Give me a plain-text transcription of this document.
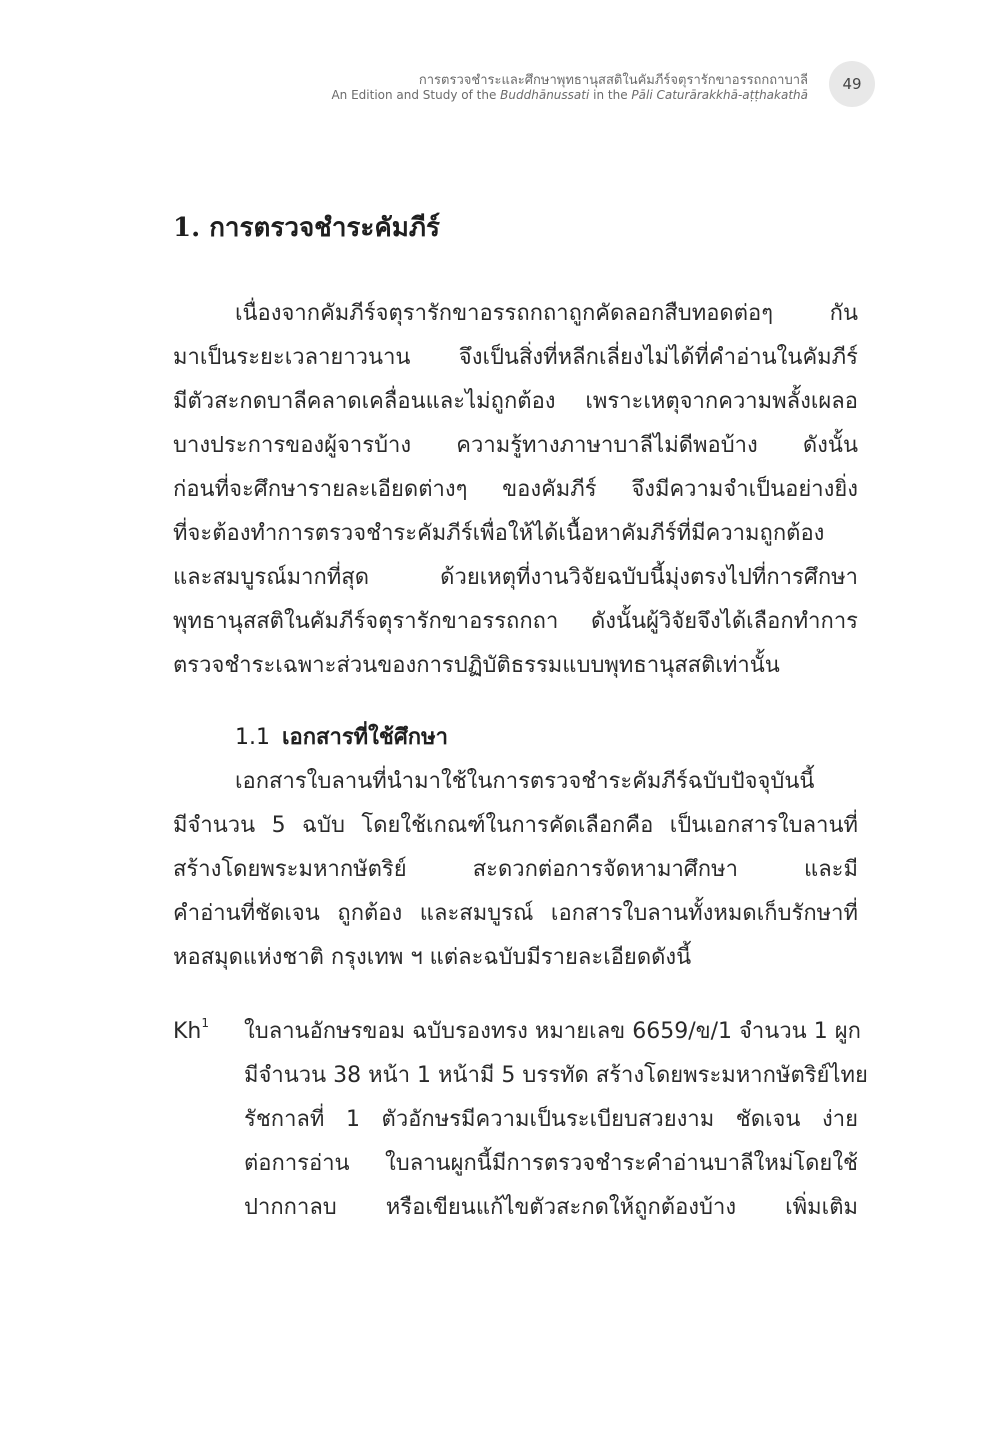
การตรวจชำระและศึกษาพุทธานุสสติในคัมภีร์จตุรารักขาอรรถกถาบาลี
An Edition and Study of the Buddhānussati in the Pāli Caturārakkhā-aṭṭhakathā
49
1. การตรวจชำระคัมภีร์
เนื่องจากคัมภีร์จตุรารักขาอรรถกถาถูกคัดลอกสืบทอดต่อๆ กัน
มาเป็นระยะเวลายาวนาน จึงเป็นสิ่งที่หลีกเลี่ยงไม่ได้ที่คำอ่านในคัมภีร์
มีตัวสะกดบาลีคลาดเคลื่อนและไม่ถูกต้อง เพราะเหตุจากความพลั้งเผลอ
บางประการของผู้จารบ้าง ความรู้ทางภาษาบาลีไม่ดีพอบ้าง ดังนั้น
ก่อนที่จะศึกษารายละเอียดต่างๆ ของคัมภีร์ จึงมีความจำเป็นอย่างยิ่ง
ที่จะต้องทำการตรวจชำระคัมภีร์เพื่อให้ได้เนื้อหาคัมภีร์ที่มีความถูกต้อง
และสมบูรณ์มากที่สุด ด้วยเหตุที่งานวิจัยฉบับนี้มุ่งตรงไปที่การศึกษา
พุทธานุสสติในคัมภีร์จตุรารักขาอรรถกถา ดังนั้นผู้วิจัยจึงได้เลือกทำการ
ตรวจชำระเฉพาะส่วนของการปฏิบัติธรรมแบบพุทธานุสสติเท่านั้น
1.1 เอกสารที่ใช้ศึกษา
เอกสารใบลานที่นำมาใช้ในการตรวจชำระคัมภีร์ฉบับปัจจุบันนี้
มีจำนวน 5 ฉบับ โดยใช้เกณฑ์ในการคัดเลือกคือ เป็นเอกสารใบลานที่
สร้างโดยพระมหากษัตริย์ สะดวกต่อการจัดหามาศึกษา และมี
คำอ่านที่ชัดเจน ถูกต้อง และสมบูรณ์ เอกสารใบลานทั้งหมดเก็บรักษาที่
หอสมุดแห่งชาติ กรุงเทพ ฯ แต่ละฉบับมีรายละเอียดดังนี้
Kh$^1$ ใบลานอักษรขอม ฉบับรองทรง หมายเลข 6659/ข/1 จำนวน 1 ผูก
มีจำนวน 38 หน้า 1 หน้ามี 5 บรรทัด สร้างโดยพระมหากษัตริย์ไทย
รัชกาลที่ 1 ตัวอักษรมีความเป็นระเบียบสวยงาม ชัดเจน ง่าย
ต่อการอ่าน ใบลานผูกนี้มีการตรวจชำระคำอ่านบาลีใหม่โดยใช้
ปากกาลบ หรือเขียนแก้ไขตัวสะกดให้ถูกต้องบ้าง เพิ่มเติม
